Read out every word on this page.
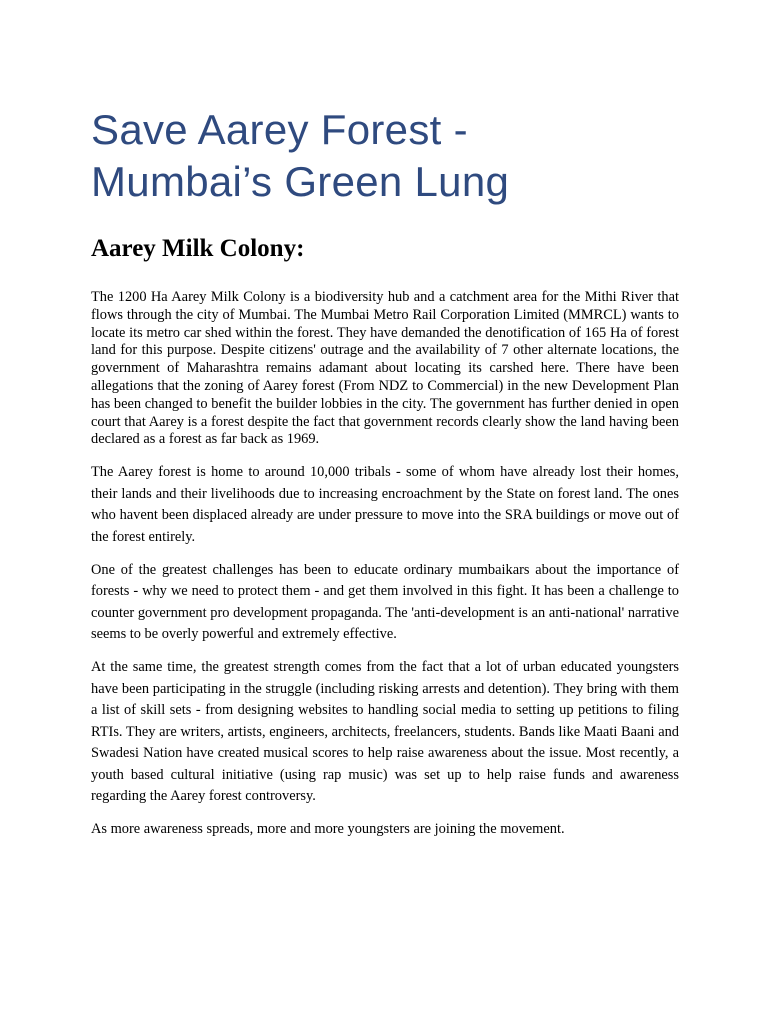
Save Aarey Forest -
Mumbai’s Green Lung
Aarey Milk Colony:

The 1200 Ha Aarey Milk Colony is a biodiversity hub and a catchment area for the Mithi River that flows through the city of Mumbai. The Mumbai Metro Rail Corporation Limited (MMRCL) wants to locate its metro car shed within the forest. They have demanded the denotification of 165 Ha of forest land for this purpose. Despite citizens' outrage and the availability of 7 other alternate locations, the government of Maharashtra remains adamant about locating its carshed here. There have been allegations that the zoning of Aarey forest (From NDZ to Commercial) in the new Development Plan has been changed to benefit the builder lobbies in the city. The government has further denied in open court that Aarey is a forest despite the fact that government records clearly show the land having been declared as a forest as far back as 1969.

The Aarey forest is home to around 10,000 tribals - some of whom have already lost their homes, their lands and their livelihoods due to increasing encroachment by the State on forest land. The ones who havent been displaced already are under pressure to move into the SRA buildings or move out of the forest entirely.

One of the greatest challenges has been to educate ordinary mumbaikars about the importance of forests - why we need to protect them - and get them involved in this fight. It has been a challenge to counter government pro development propaganda. The 'anti-development is an anti-national' narrative seems to be overly powerful and extremely effective.

At the same time, the greatest strength comes from the fact that a lot of urban educated youngsters have been participating in the struggle (including risking arrests and detention). They bring with them a list of skill sets - from designing websites to handling social media to setting up petitions to filing RTIs. They are writers, artists, engineers, architects, freelancers, students. Bands like Maati Baani and Swadesi Nation have created musical scores to help raise awareness about the issue. Most recently, a youth based cultural initiative (using rap music) was set up to help raise funds and awareness regarding the Aarey forest controversy.

As more awareness spreads, more and more youngsters are joining the movement.
